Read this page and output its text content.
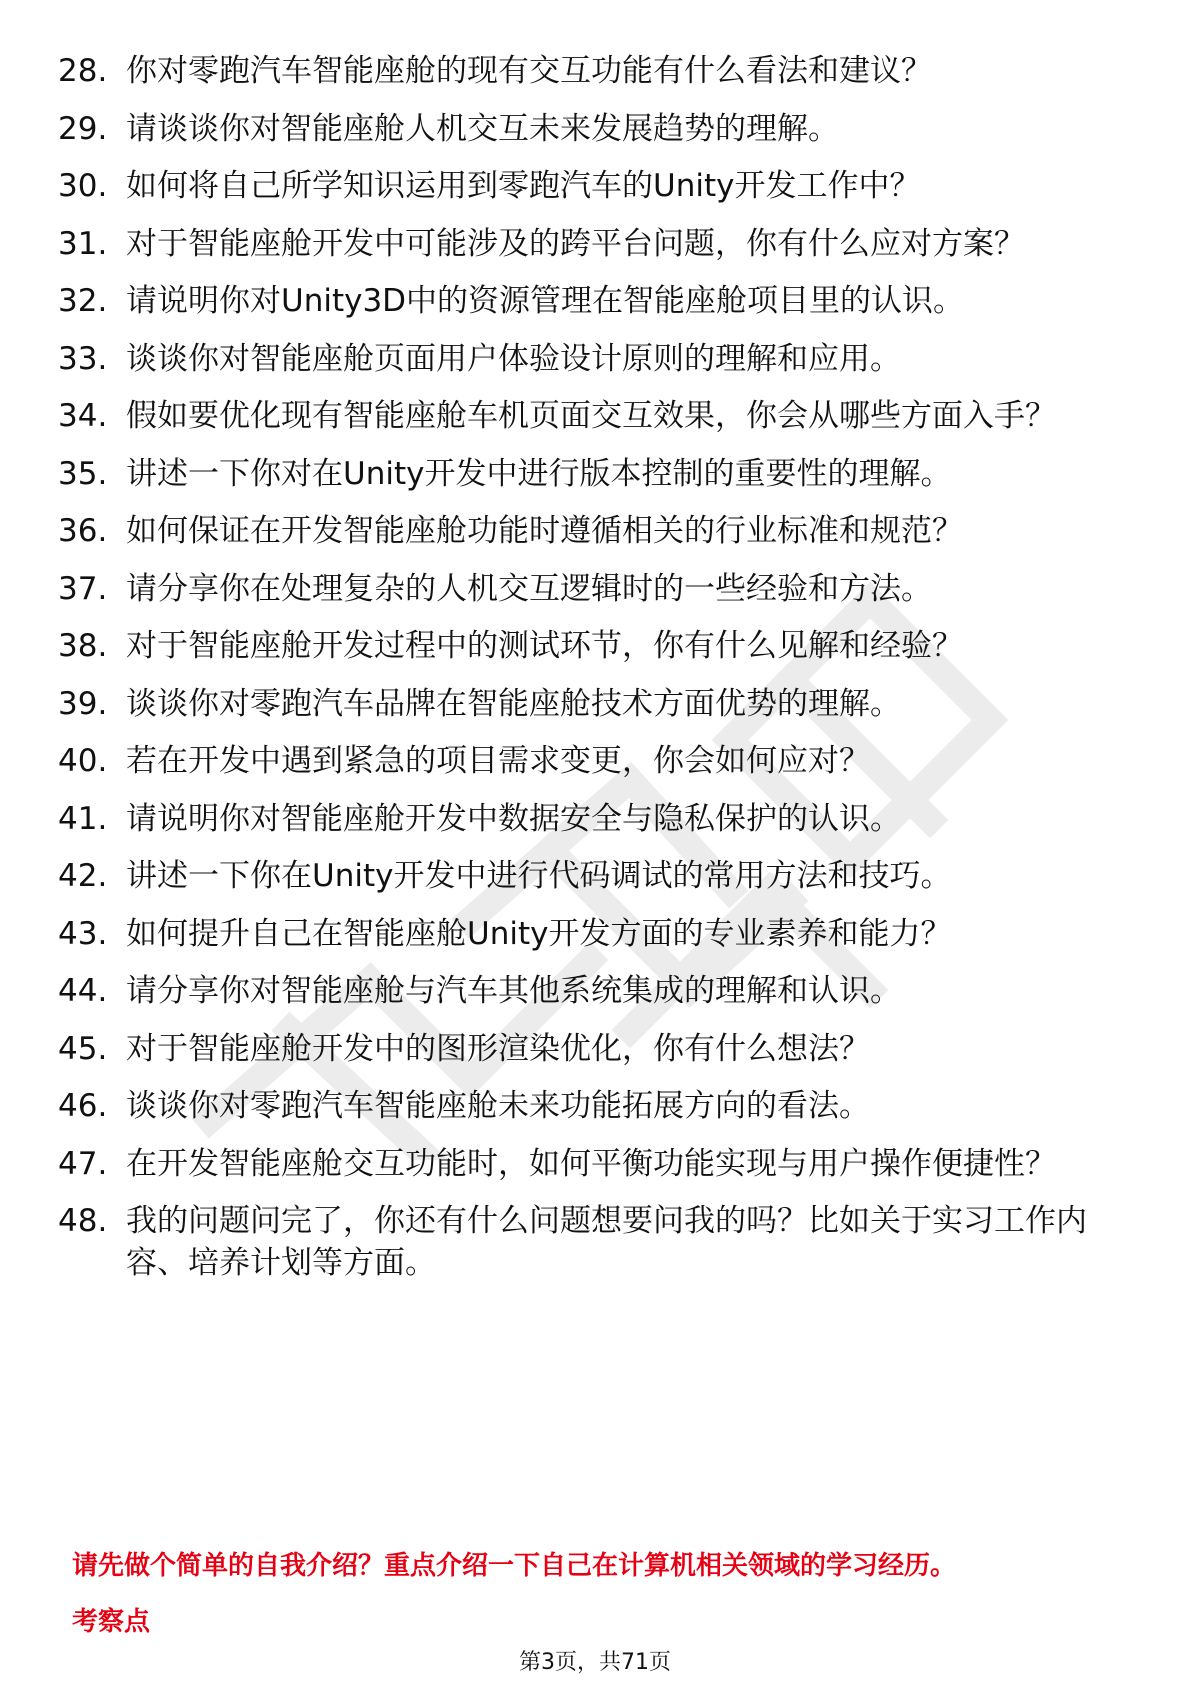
28. 你对零跑汽车智能座舱的现有交互功能有什么看法和建议？
29. 请谈谈你对智能座舱人机交互未来发展趋势的理解。
30. 如何将自己所学知识运用到零跑汽车的Unity开发工作中？
31. 对于智能座舱开发中可能涉及的跨平台问题，你有什么应对方案？
32. 请说明你对Unity3D中的资源管理在智能座舱项目里的认识。
33. 谈谈你对智能座舱页面用户体验设计原则的理解和应用。
34. 假如要优化现有智能座舱车机页面交互效果，你会从哪些方面入手？
35. 讲述一下你对在Unity开发中进行版本控制的重要性的理解。
36. 如何保证在开发智能座舱功能时遵循相关的行业标准和规范？
37. 请分享你在处理复杂的人机交互逻辑时的一些经验和方法。
38. 对于智能座舱开发过程中的测试环节，你有什么见解和经验？
39. 谈谈你对零跑汽车品牌在智能座舱技术方面优势的理解。
40. 若在开发中遇到紧急的项目需求变更，你会如何应对？
41. 请说明你对智能座舱开发中数据安全与隐私保护的认识。
42. 讲述一下你在Unity开发中进行代码调试的常用方法和技巧。
43. 如何提升自己在智能座舱Unity开发方面的专业素养和能力？
44. 请分享你对智能座舱与汽车其他系统集成的理解和认识。
45. 对于智能座舱开发中的图形渲染优化，你有什么想法？
46. 谈谈你对零跑汽车智能座舱未来功能拓展方向的看法。
47. 在开发智能座舱交互功能时，如何平衡功能实现与用户操作便捷性？
48. 我的问题问完了，你还有什么问题想要问我的吗？比如关于实习工作内容、培养计划等方面。
请先做个简单的自我介绍？重点介绍一下自己在计算机相关领域的学习经历。
考察点
第3页，共71页
